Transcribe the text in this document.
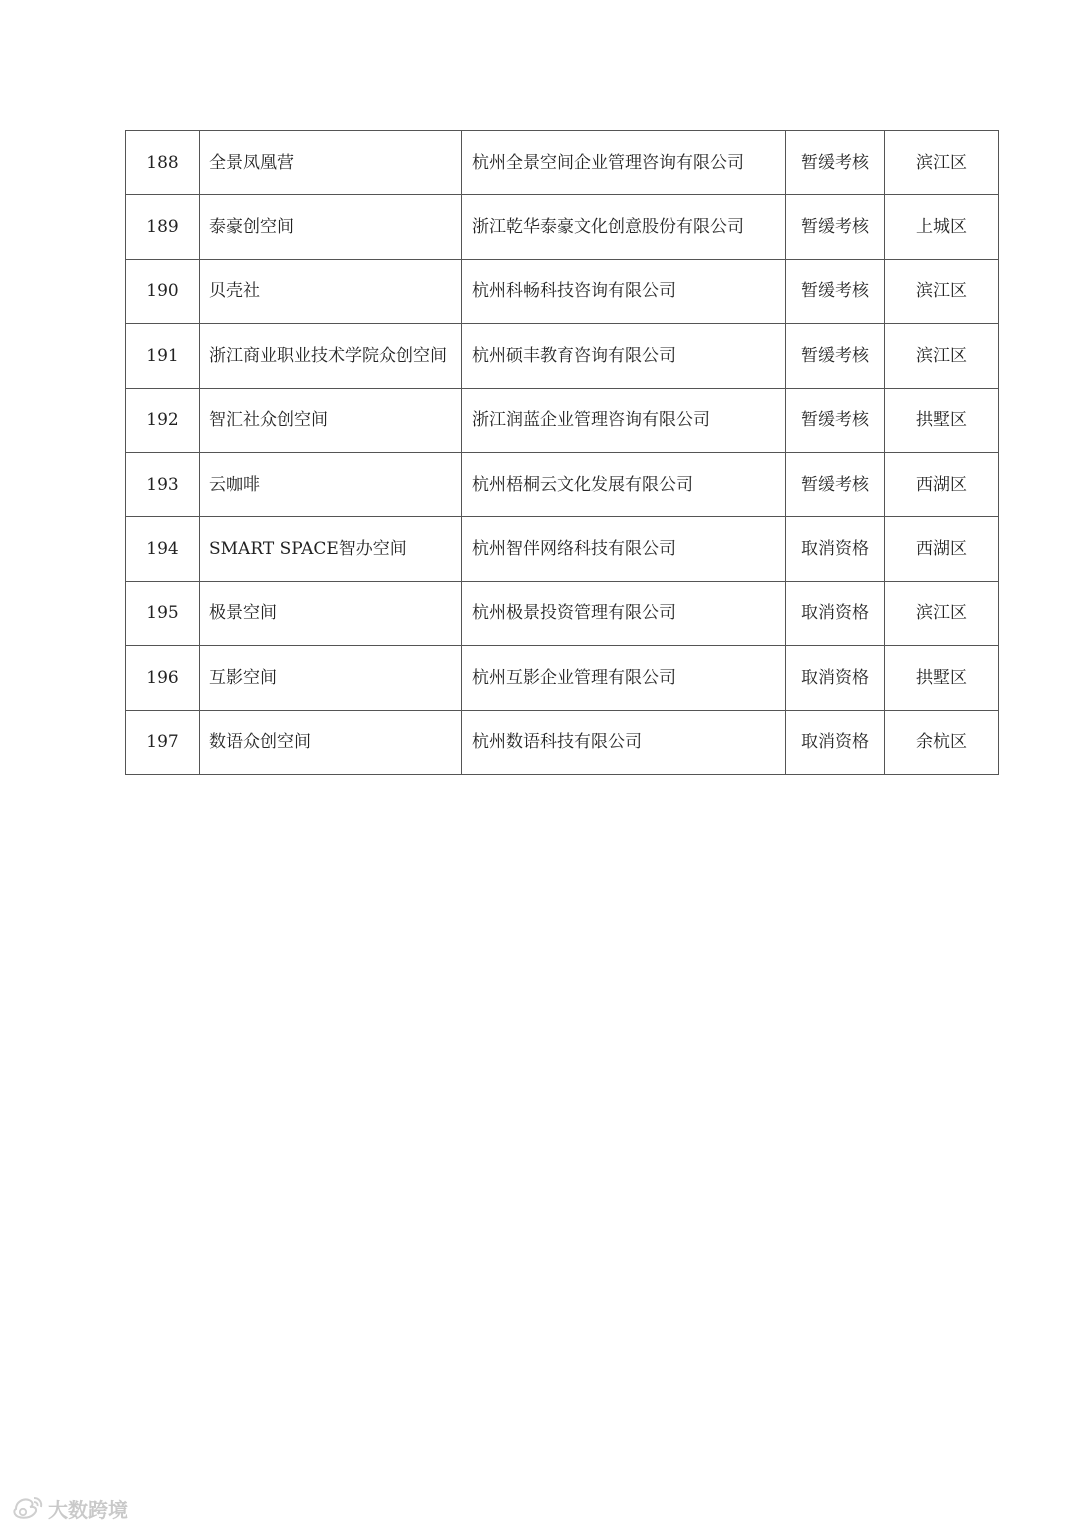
188	全景凤凰营	杭州全景空间企业管理咨询有限公司	暂缓考核	滨江区
189	泰豪创空间	浙江乾华泰豪文化创意股份有限公司	暂缓考核	上城区
190	贝壳社	杭州科畅科技咨询有限公司	暂缓考核	滨江区
191	浙江商业职业技术学院众创空间	杭州硕丰教育咨询有限公司	暂缓考核	滨江区
192	智汇社众创空间	浙江润蓝企业管理咨询有限公司	暂缓考核	拱墅区
193	云咖啡	杭州梧桐云文化发展有限公司	暂缓考核	西湖区
194	SMART SPACE智办空间	杭州智伴网络科技有限公司	取消资格	西湖区
195	极景空间	杭州极景投资管理有限公司	取消资格	滨江区
196	互影空间	杭州互影企业管理有限公司	取消资格	拱墅区
197	数语众创空间	杭州数语科技有限公司	取消资格	余杭区
大数跨境
